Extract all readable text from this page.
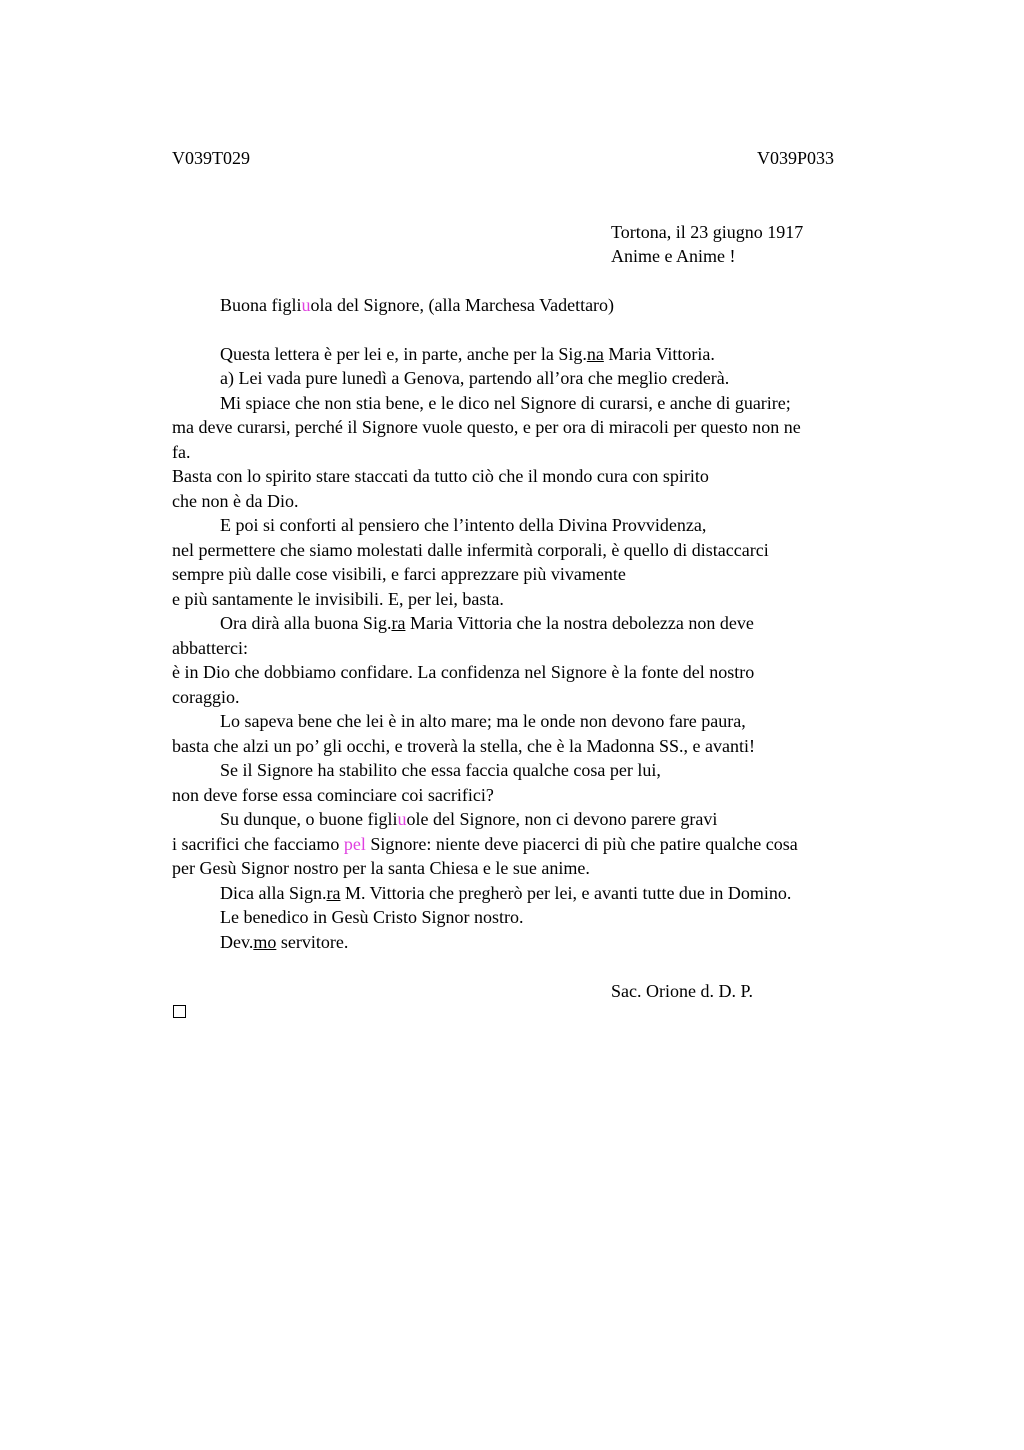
V039T029	V039P033
Tortona, il 23 giugno 1917
Anime e Anime !
Buona figliuola del Signore, (alla Marchesa Vadettaro)
Questa lettera è per lei e, in parte, anche per la Sig.na Maria Vittoria.
a) Lei vada pure lunedì a Genova, partendo all’ora che meglio crederà.
Mi spiace che non stia bene, e le dico nel Signore di curarsi, e anche di guarire;
ma deve curarsi, perché il Signore vuole questo, e per ora di miracoli per questo non ne
fa.
Basta con lo spirito stare staccati da tutto ciò che il mondo cura con spirito
che non è da Dio.
E poi si conforti al pensiero che l’intento della Divina Provvidenza,
nel permettere che siamo molestati dalle infermità corporali, è quello di distaccarci
sempre più dalle cose visibili, e farci apprezzare più vivamente
e più santamente le invisibili. E, per lei, basta.
Ora dirà alla buona Sig.ra Maria Vittoria che la nostra debolezza non deve
abbatterci:
è in Dio che dobbiamo confidare. La confidenza nel Signore è la fonte del nostro
coraggio.
Lo sapeva bene che lei è in alto mare; ma le onde non devono fare paura,
basta che alzi un po’ gli occhi, e troverà la stella, che è la Madonna SS., e avanti!
Se il Signore ha stabilito che essa faccia qualche cosa per lui,
non deve forse essa cominciare coi sacrifici?
Su dunque, o buone figliuole del Signore, non ci devono parere gravi
i sacrifici che facciamo pel Signore: niente deve piacerci di più che patire qualche cosa
per Gesù Signor nostro per la santa Chiesa e le sue anime.
Dica alla Sign.ra M. Vittoria che pregherò per lei, e avanti tutte due in Domino.
Le benedico in Gesù Cristo Signor nostro.
Dev.mo servitore.
Sac. Orione d. D. P.
